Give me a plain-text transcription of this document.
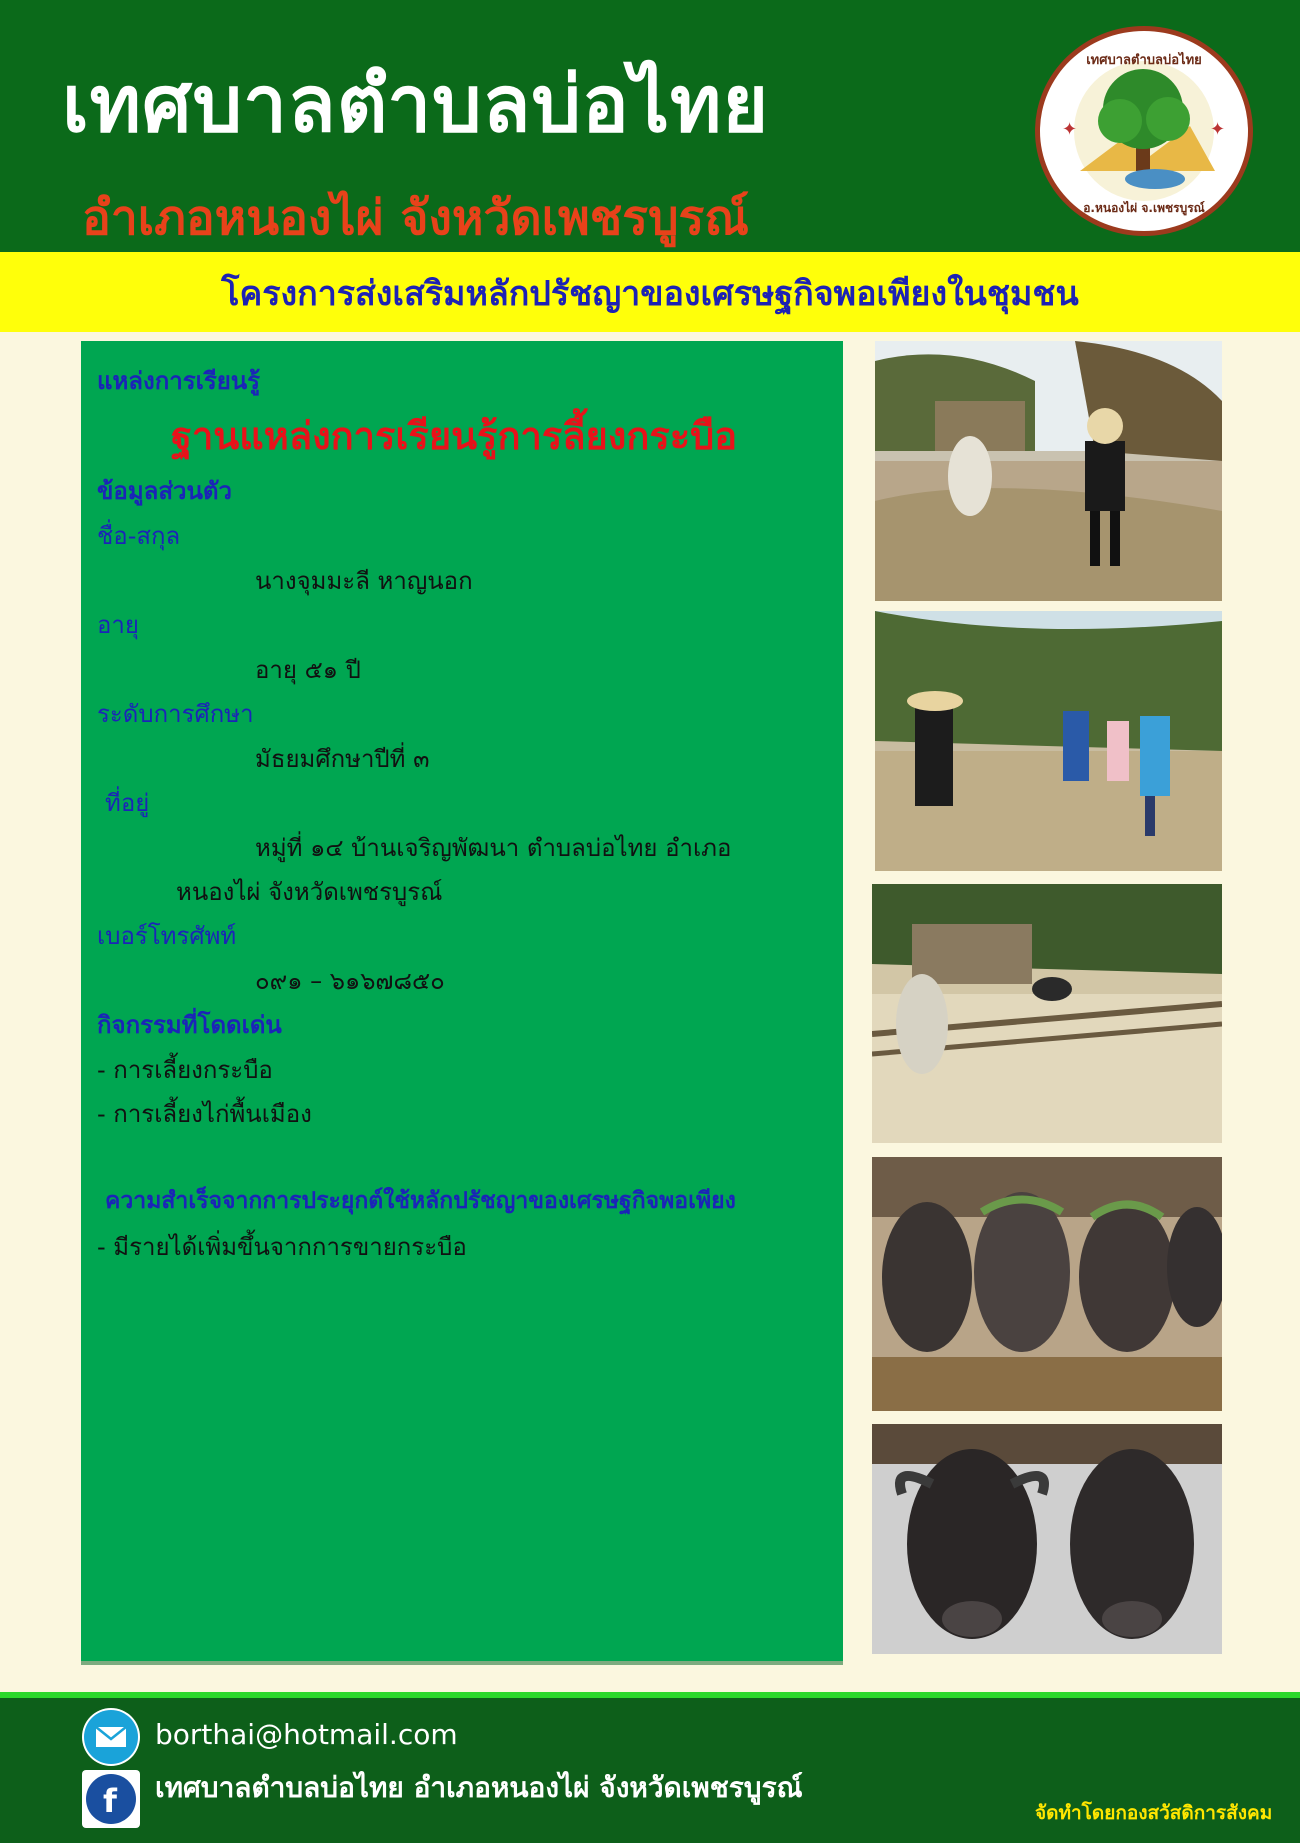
เทศบาลตำบลบ่อไทย
อำเภอหนองไผ่ จังหวัดเพชรบูรณ์
✦	✦
เทศบาลตำบลบ่อไทย
อ.หนองไผ่ จ.เพชรบูรณ์
โครงการส่งเสริมหลักปรัชญาของเศรษฐกิจพอเพียงในชุมชน
แหล่งการเรียนรู้
ฐานแหล่งการเรียนรู้การลี้ยงกระบือ
ข้อมูลส่วนตัว
ชื่อ-สกุล
นางจุมมะลี หาญนอก
อายุ
อายุ ๕๑ ปี
ระดับการศึกษา
มัธยมศึกษาปีที่ ๓
ที่อยู่
หมู่ที่ ๑๔ บ้านเจริญพัฒนา ตำบลบ่อไทย อำเภอ
หนองไผ่ จังหวัดเพชรบูรณ์
เบอร์โทรศัพท์
๐๙๑ – ๖๑๖๗๘๕๐
กิจกรรมที่โดดเด่น
- การเลี้ยงกระบือ
- การเลี้ยงไก่พื้นเมือง
ความสำเร็จจากการประยุกต์ใช้หลักปรัชญาของเศรษฐกิจพอเพียง
- มีรายได้เพิ่มขึ้นจากการขายกระบือ
borthai@hotmail.com
f เทศบาลตำบลบ่อไทย อำเภอหนองไผ่ จังหวัดเพชรบูรณ์
จัดทำโดยกองสวัสดิการสังคม
